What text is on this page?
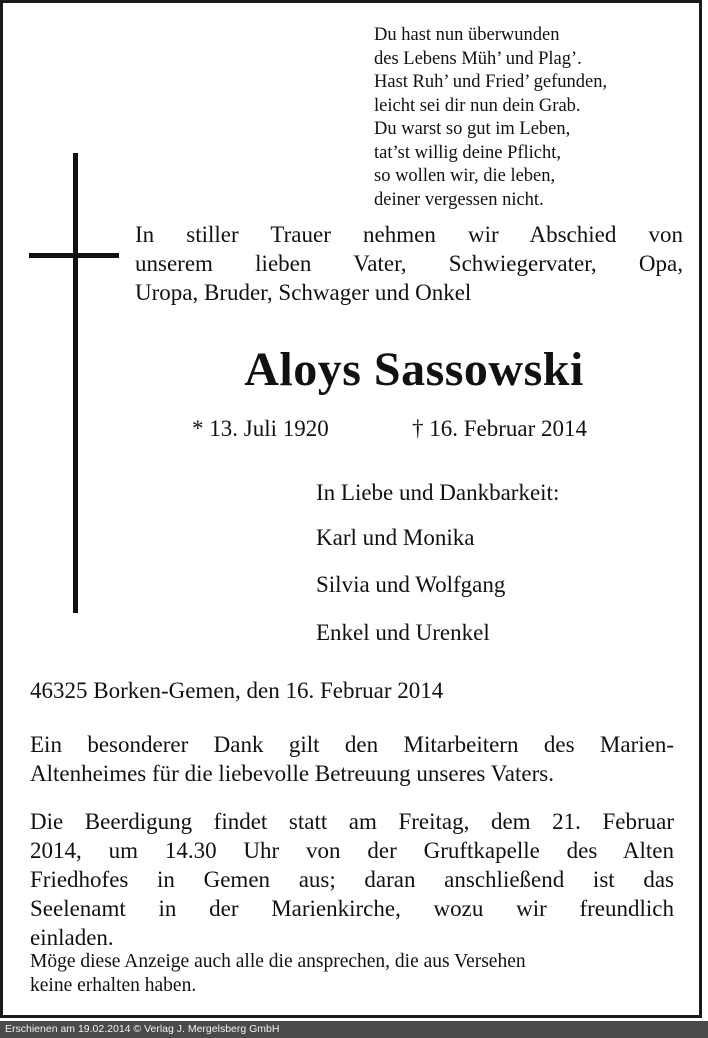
Du hast nun überwunden
des Lebens Müh’ und Plag’.
Hast Ruh’ und Fried’ gefunden,
leicht sei dir nun dein Grab.
Du warst so gut im Leben,
tat’st willig deine Pflicht,
so wollen wir, die leben,
deiner vergessen nicht.
In stiller Trauer nehmen wir Abschied von
unserem lieben Vater, Schwiegervater, Opa,
Uropa, Bruder, Schwager und Onkel
Aloys Sassowski
* 13. Juli 1920	† 16. Februar 2014
In Liebe und Dankbarkeit:
Karl und Monika
Silvia und Wolfgang
Enkel und Urenkel
46325 Borken-Gemen, den 16. Februar 2014
Ein besonderer Dank gilt den Mitarbeitern des Marien-
Altenheimes für die liebevolle Betreuung unseres Vaters.
Die Beerdigung findet statt am Freitag, dem 21. Februar
2014, um 14.30 Uhr von der Gruftkapelle des Alten
Friedhofes in Gemen aus; daran anschließend ist das
Seelenamt in der Marienkirche, wozu wir freundlich
einladen.
Möge diese Anzeige auch alle die ansprechen, die aus Versehen
keine erhalten haben.
Erschienen am 19.02.2014 © Verlag J. Mergelsberg GmbH
